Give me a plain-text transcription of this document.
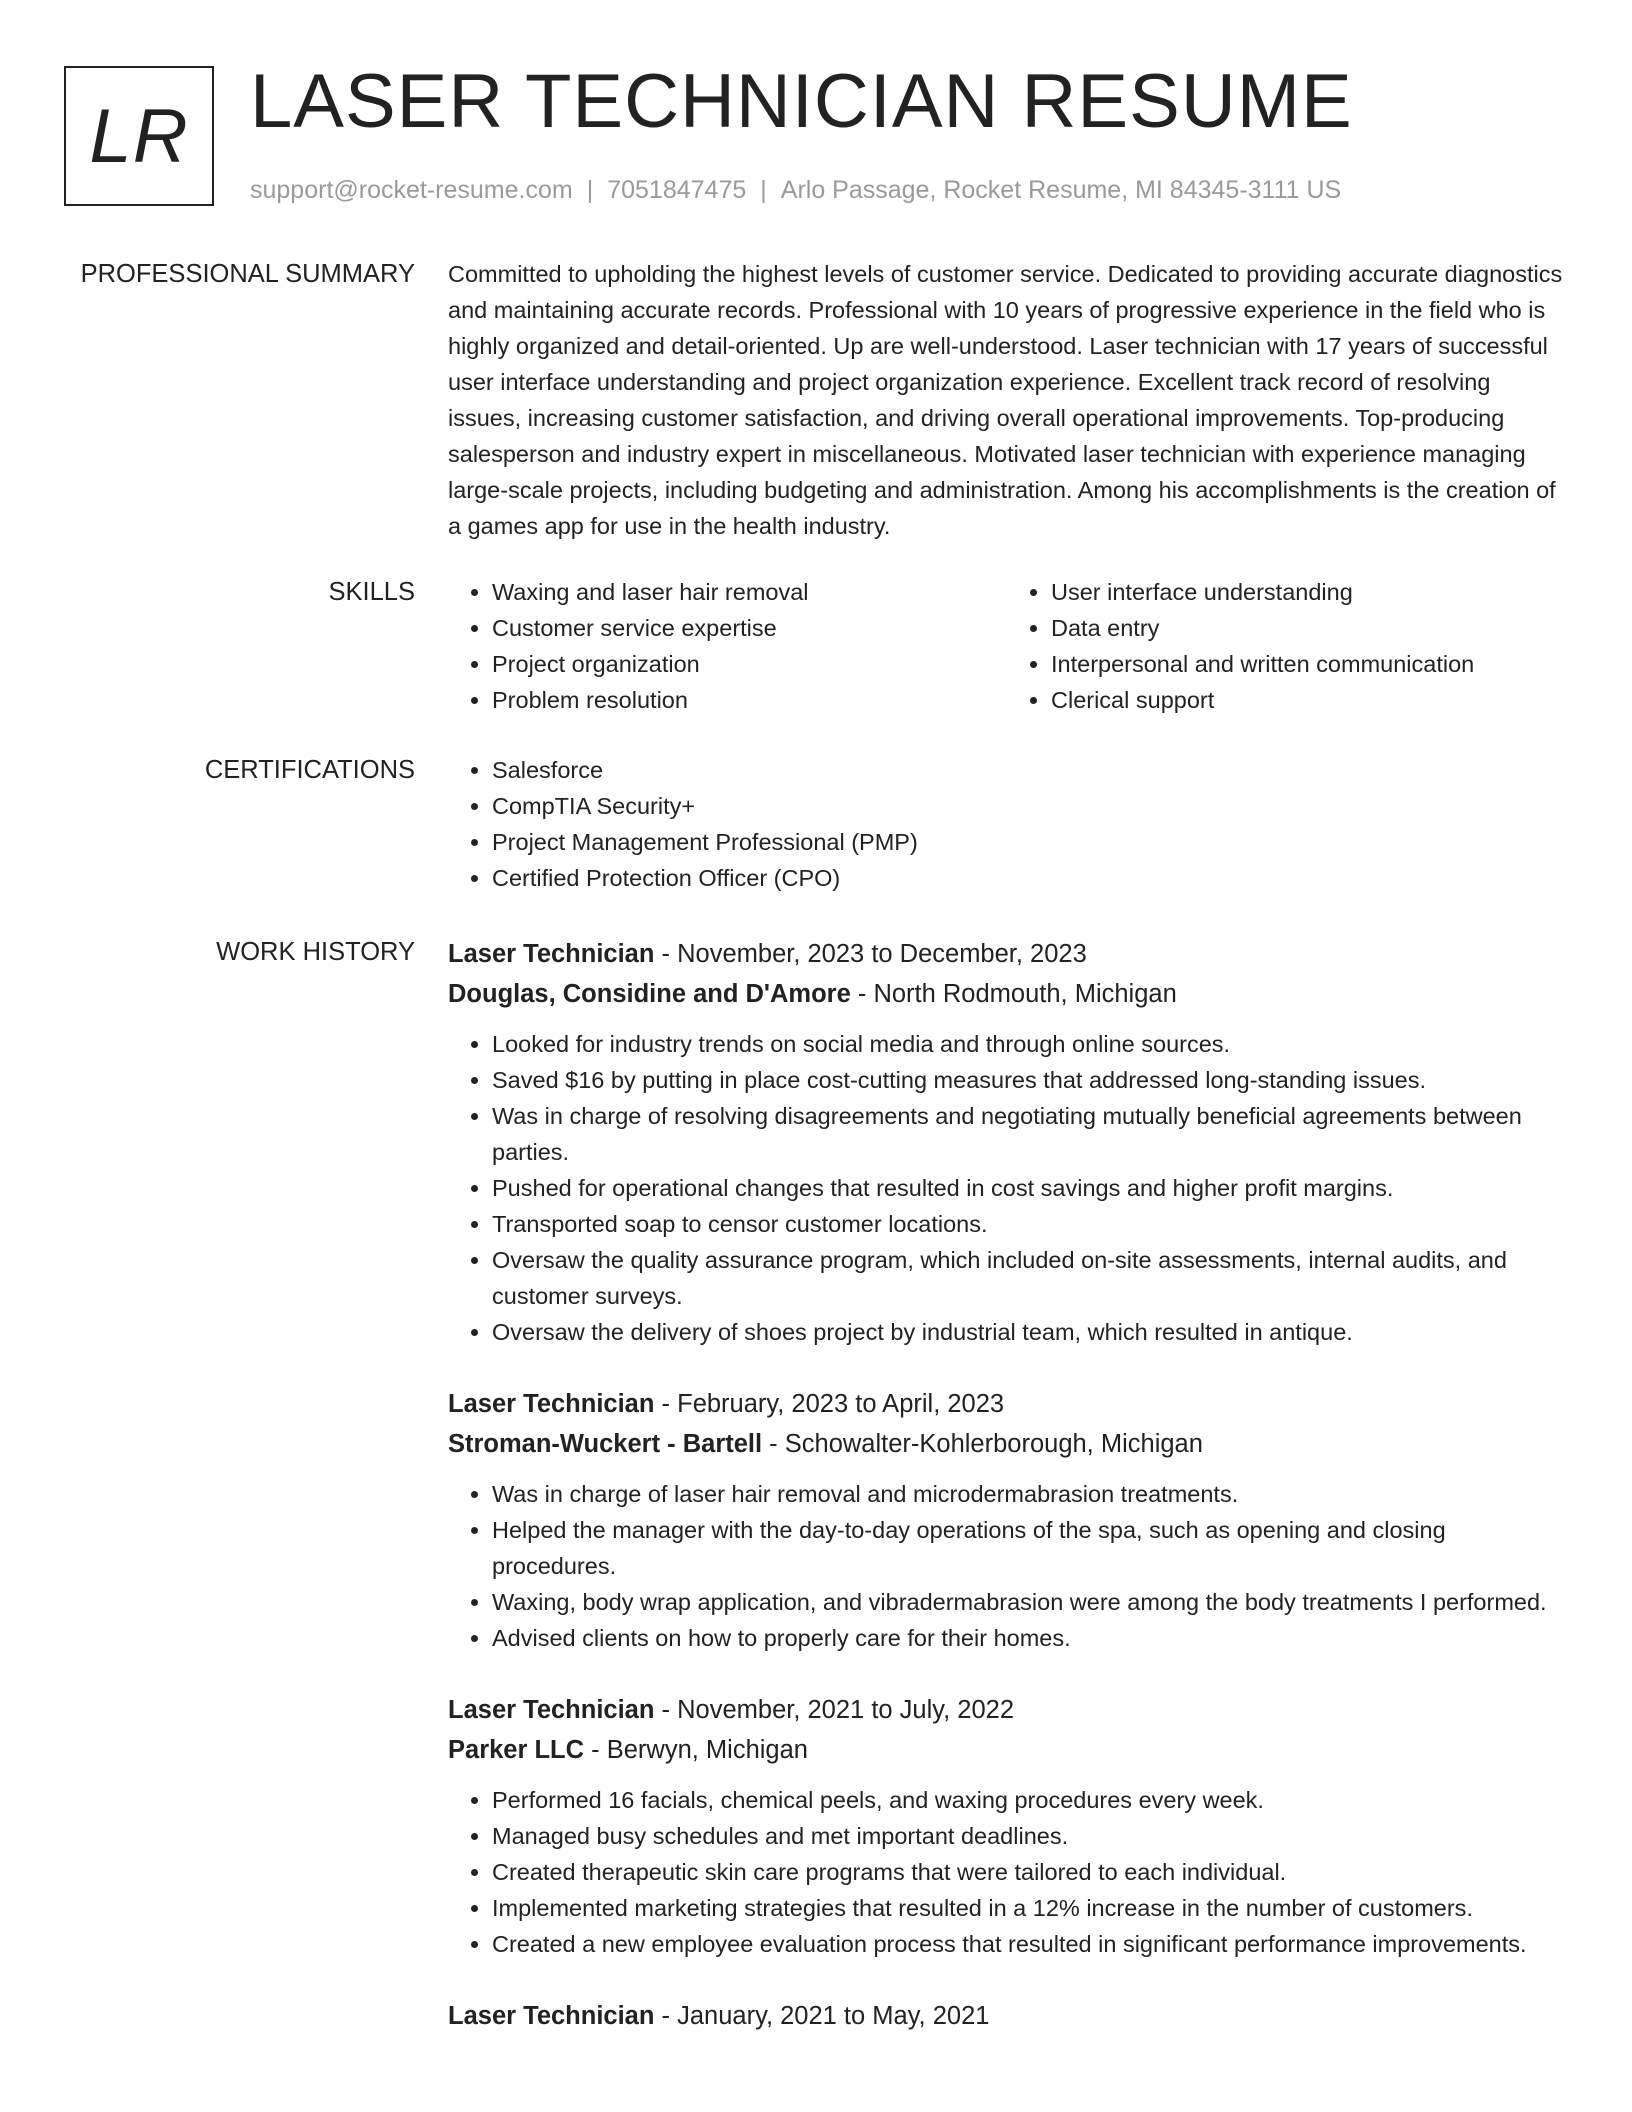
LR LASER TECHNICIAN RESUME
support@rocket-resume.com | 7051847475 | Arlo Passage, Rocket Resume, MI 84345-3111 US
PROFESSIONAL SUMMARY Committed to upholding the highest levels of customer service. Dedicated to providing accurate diagnostics and maintaining accurate records. Professional with 10 years of progressive experience in the field who is highly organized and detail-oriented. Up are well-understood. Laser technician with 17 years of successful user interface understanding and project organization experience. Excellent track record of resolving issues, increasing customer satisfaction, and driving overall operational improvements. Top-producing salesperson and industry expert in miscellaneous. Motivated laser technician with experience managing large-scale projects, including budgeting and administration. Among his accomplishments is the creation of a games app for use in the health industry.

SKILLS	• Waxing and laser hair removal
• Customer service expertise
• Project organization
• Problem resolution
• User interface understanding
• Data entry
• Interpersonal and written communication
• Clerical support
CERTIFICATIONS	• Salesforce
• CompTIA Security+
• Project Management Professional (PMP)
• Certified Protection Officer (CPO)
WORK HISTORY Laser Technician - November, 2023 to December, 2023
Douglas, Considine and D'Amore - North Rodmouth, Michigan
• Looked for industry trends on social media and through online sources.
• Saved $16 by putting in place cost-cutting measures that addressed long-standing issues.
• Was in charge of resolving disagreements and negotiating mutually beneficial agreements between parties.
• Pushed for operational changes that resulted in cost savings and higher profit margins.
• Transported soap to censor customer locations.
• Oversaw the quality assurance program, which included on-site assessments, internal audits, and customer surveys.
• Oversaw the delivery of shoes project by industrial team, which resulted in antique.
Laser Technician - February, 2023 to April, 2023
Stroman-Wuckert - Bartell - Schowalter-Kohlerborough, Michigan
• Was in charge of laser hair removal and microdermabrasion treatments.
• Helped the manager with the day-to-day operations of the spa, such as opening and closing procedures.
• Waxing, body wrap application, and vibradermabrasion were among the body treatments I performed.
• Advised clients on how to properly care for their homes.
Laser Technician - November, 2021 to July, 2022
Parker LLC - Berwyn, Michigan
• Performed 16 facials, chemical peels, and waxing procedures every week.
• Managed busy schedules and met important deadlines.
• Created therapeutic skin care programs that were tailored to each individual.
• Implemented marketing strategies that resulted in a 12% increase in the number of customers.
• Created a new employee evaluation process that resulted in significant performance improvements.
Laser Technician - January, 2021 to May, 2021
